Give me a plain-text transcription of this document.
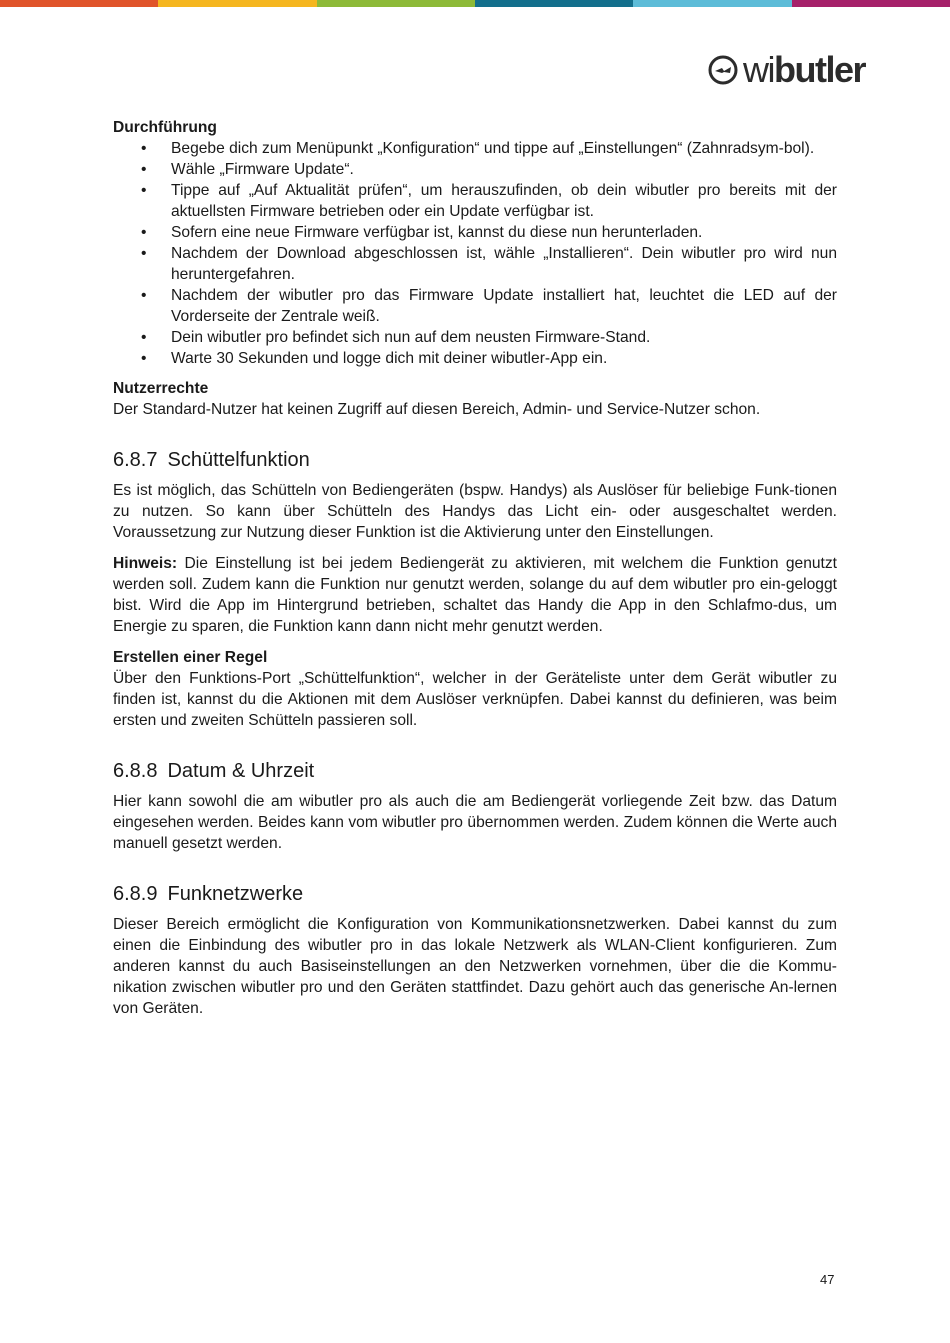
wibutler

Durchführung

• Begebe dich zum Menüpunkt „Konfiguration“ und tippe auf „Einstellungen“ (Zahnradsym-bol).
• Wähle „Firmware Update“.
• Tippe auf „Auf Aktualität prüfen“, um herauszufinden, ob dein wibutler pro bereits mit der aktuellsten Firmware betrieben oder ein Update verfügbar ist.
• Sofern eine neue Firmware verfügbar ist, kannst du diese nun herunterladen.
• Nachdem der Download abgeschlossen ist, wähle „Installieren“. Dein wibutler pro wird nun heruntergefahren.
• Nachdem der wibutler pro das Firmware Update installiert hat, leuchtet die LED auf der Vorderseite der Zentrale weiß.
• Dein wibutler pro befindet sich nun auf dem neusten Firmware-Stand.
• Warte 30 Sekunden und logge dich mit deiner wibutler-App ein.

Nutzerrechte

Der Standard-Nutzer hat keinen Zugriff auf diesen Bereich, Admin- und Service-Nutzer schon.

6.8.7 Schüttelfunktion

Es ist möglich, das Schütteln von Bediengeräten (bspw. Handys) als Auslöser für beliebige Funk-tionen zu nutzen. So kann über Schütteln des Handys das Licht ein- oder ausgeschaltet werden. Voraussetzung zur Nutzung dieser Funktion ist die Aktivierung unter den Einstellungen.

Hinweis: Die Einstellung ist bei jedem Bediengerät zu aktivieren, mit welchem die Funktion genutzt werden soll. Zudem kann die Funktion nur genutzt werden, solange du auf dem wibutler pro ein-geloggt bist. Wird die App im Hintergrund betrieben, schaltet das Handy die App in den Schlafmo-dus, um Energie zu sparen, die Funktion kann dann nicht mehr genutzt werden.

Erstellen einer Regel

Über den Funktions-Port „Schüttelfunktion“, welcher in der Geräteliste unter dem Gerät wibutler zu finden ist, kannst du die Aktionen mit dem Auslöser verknüpfen. Dabei kannst du definieren, was beim ersten und zweiten Schütteln passieren soll.

6.8.8 Datum & Uhrzeit

Hier kann sowohl die am wibutler pro als auch die am Bediengerät vorliegende Zeit bzw. das Datum eingesehen werden. Beides kann vom wibutler pro übernommen werden. Zudem können die Werte auch manuell gesetzt werden.

6.8.9 Funknetzwerke

Dieser Bereich ermöglicht die Konfiguration von Kommunikationsnetzwerken. Dabei kannst du zum einen die Einbindung des wibutler pro in das lokale Netzwerk als WLAN-Client konfigurieren. Zum anderen kannst du auch Basiseinstellungen an den Netzwerken vornehmen, über die die Kommu-nikation zwischen wibutler pro und den Geräten stattfindet. Dazu gehört auch das generische An-lernen von Geräten.

47
